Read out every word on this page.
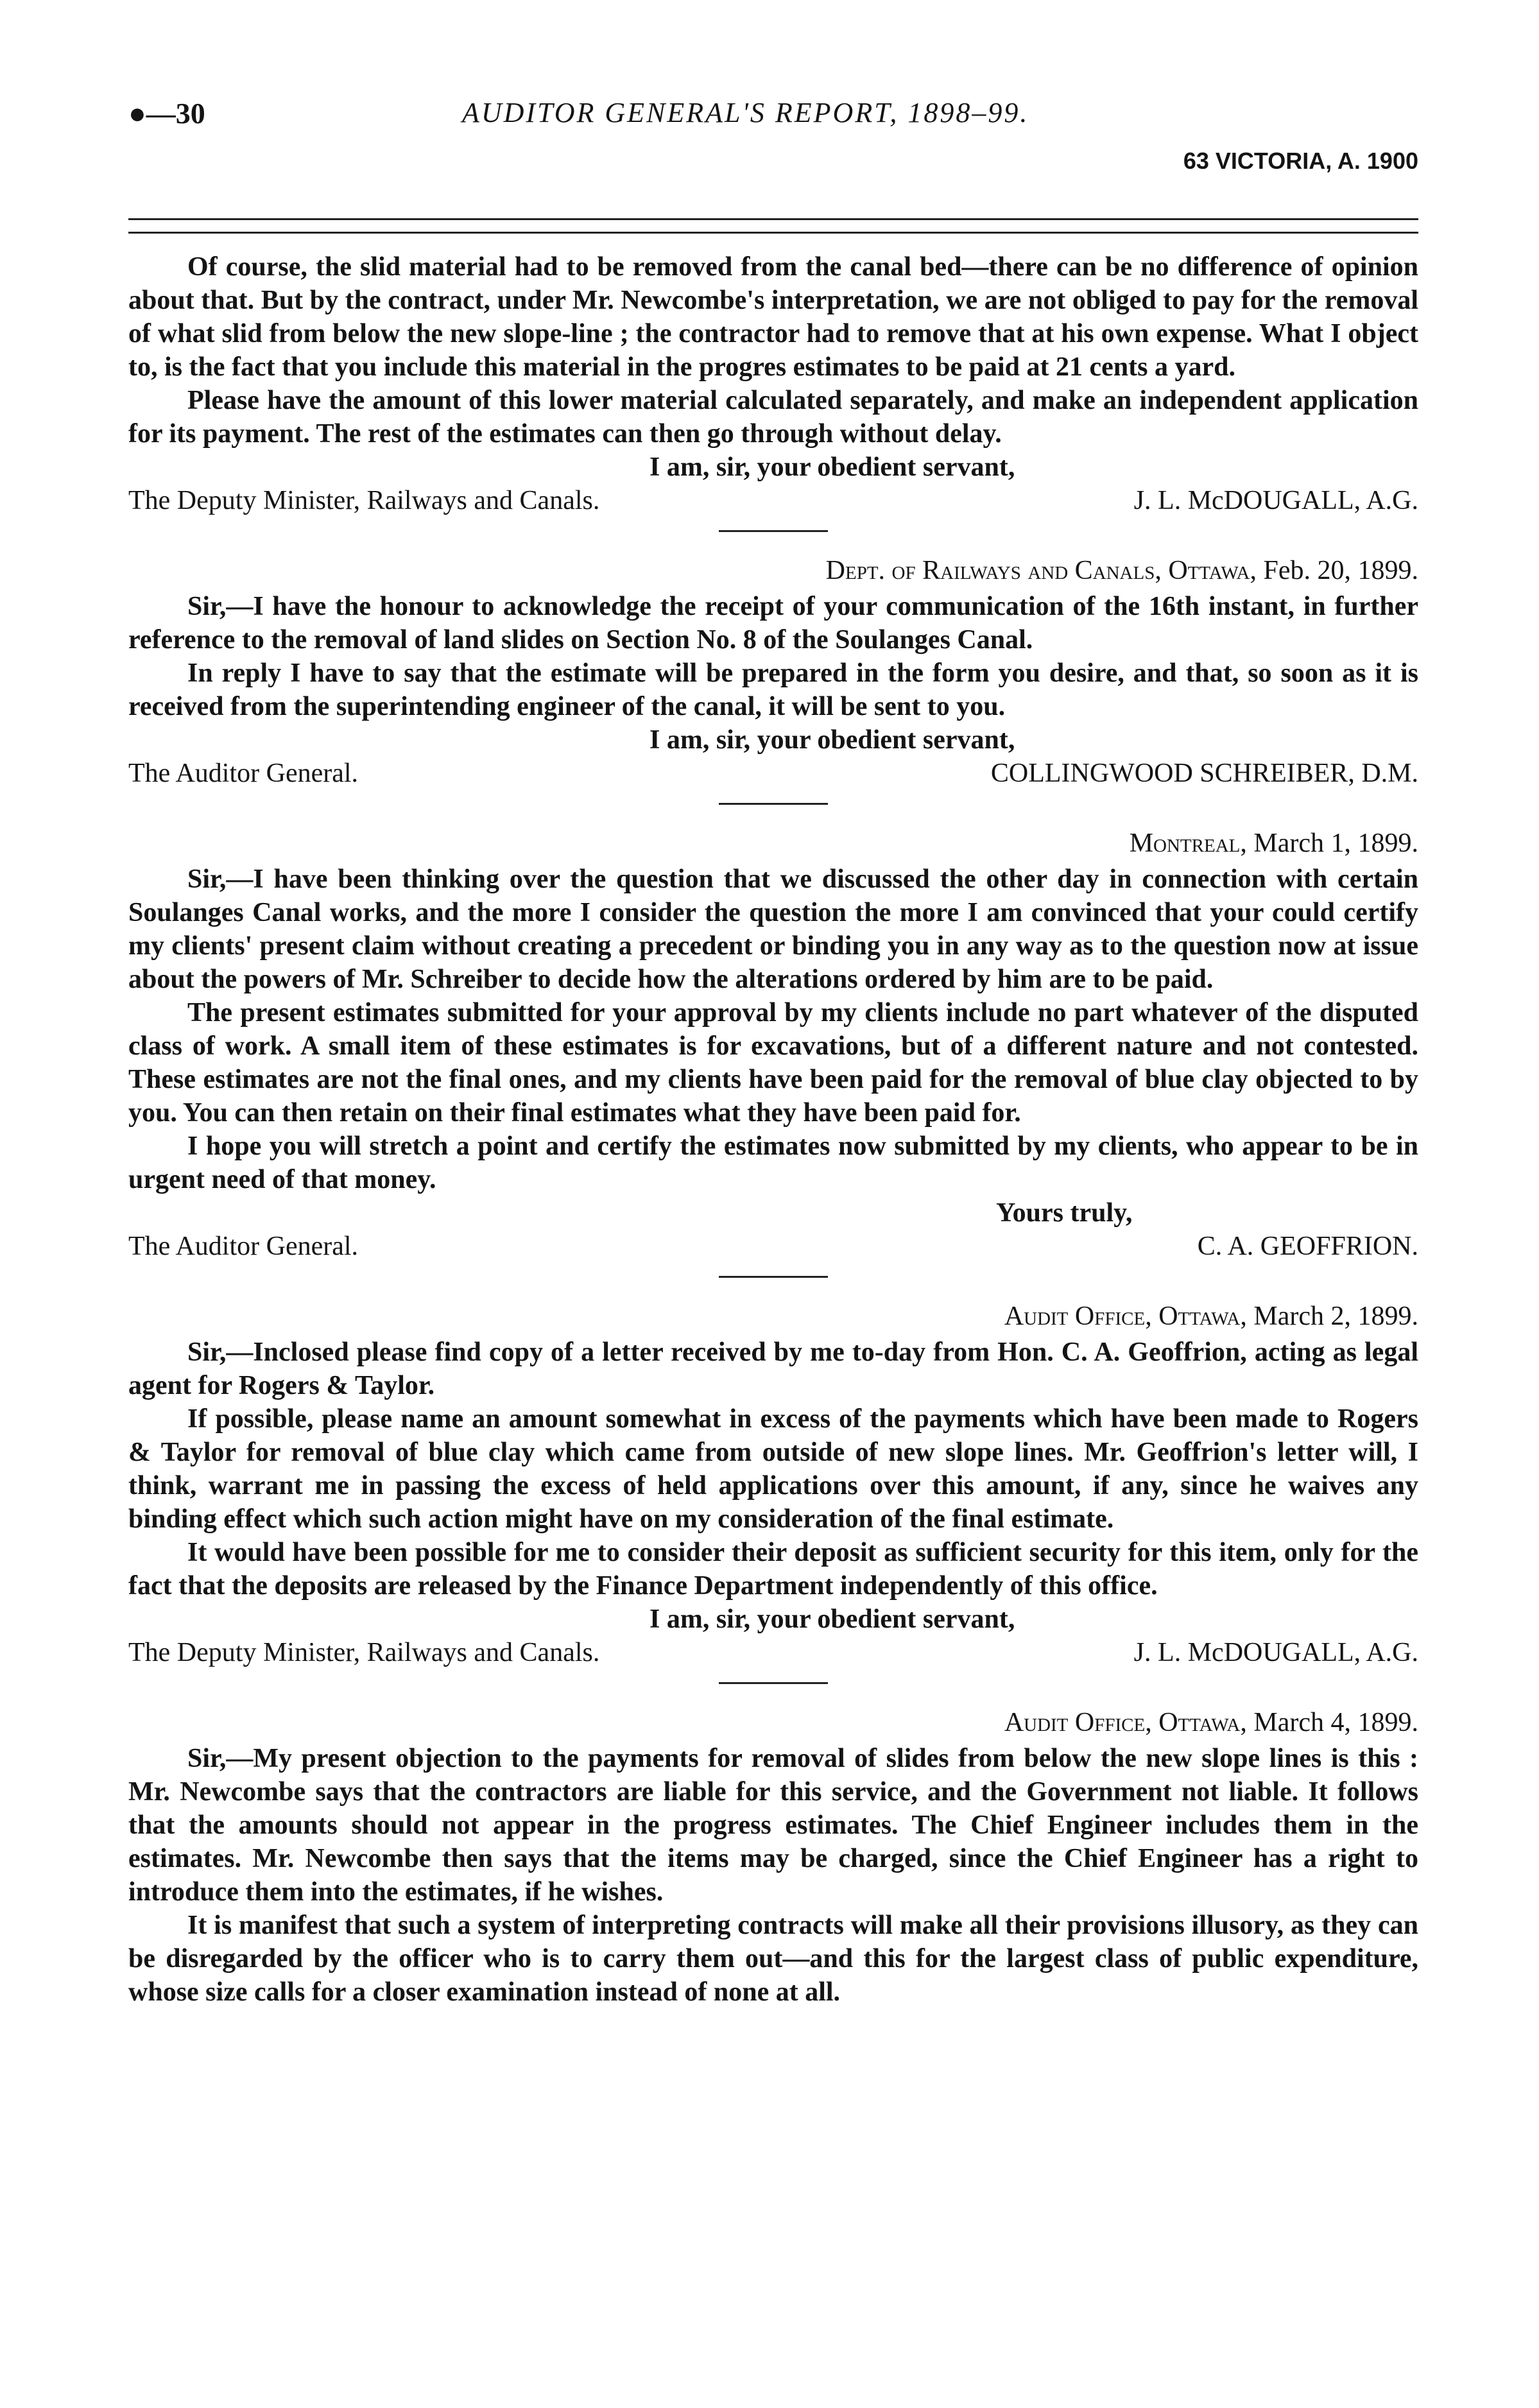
●—30	AUDITOR GENERAL'S REPORT, 1898–99.
63 VICTORIA, A. 1900

Of course, the slid material had to be removed from the canal bed—there can be no difference of opinion about that. But by the contract, under Mr. Newcombe's interpretation, we are not obliged to pay for the removal of what slid from below the new slope-line ; the contractor had to remove that at his own expense. What I object to, is the fact that you include this material in the progres estimates to be paid at 21 cents a yard.

Please have the amount of this lower material calculated separately, and make an independent application for its payment. The rest of the estimates can then go through without delay.

I am, sir, your obedient servant,

The Deputy Minister, Railways and Canals.	J. L. McDOUGALL, A.G.
Dept. of Railways and Canals, Ottawa, Feb. 20, 1899.

Sir,—I have the honour to acknowledge the receipt of your communication of the 16th instant, in further reference to the removal of land slides on Section No. 8 of the Soulanges Canal.

In reply I have to say that the estimate will be prepared in the form you desire, and that, so soon as it is received from the superintending engineer of the canal, it will be sent to you.

I am, sir, your obedient servant,

The Auditor General.	COLLINGWOOD SCHREIBER, D.M.
Montreal, March 1, 1899.

Sir,—I have been thinking over the question that we discussed the other day in connection with certain Soulanges Canal works, and the more I consider the question the more I am convinced that your could certify my clients' present claim without creating a precedent or binding you in any way as to the question now at issue about the powers of Mr. Schreiber to decide how the alterations ordered by him are to be paid.

The present estimates submitted for your approval by my clients include no part whatever of the disputed class of work. A small item of these estimates is for excavations, but of a different nature and not contested. These estimates are not the final ones, and my clients have been paid for the removal of blue clay objected to by you. You can then retain on their final estimates what they have been paid for.

I hope you will stretch a point and certify the estimates now submitted by my clients, who appear to be in urgent need of that money.

Yours truly,

The Auditor General.	C. A. GEOFFRION.
Audit Office, Ottawa, March 2, 1899.

Sir,—Inclosed please find copy of a letter received by me to-day from Hon. C. A. Geoffrion, acting as legal agent for Rogers & Taylor.

If possible, please name an amount somewhat in excess of the payments which have been made to Rogers & Taylor for removal of blue clay which came from outside of new slope lines. Mr. Geoffrion's letter will, I think, warrant me in passing the excess of held applications over this amount, if any, since he waives any binding effect which such action might have on my consideration of the final estimate.

It would have been possible for me to consider their deposit as sufficient security for this item, only for the fact that the deposits are released by the Finance Department independently of this office.

I am, sir, your obedient servant,

The Deputy Minister, Railways and Canals.	J. L. McDOUGALL, A.G.
Audit Office, Ottawa, March 4, 1899.

Sir,—My present objection to the payments for removal of slides from below the new slope lines is this : Mr. Newcombe says that the contractors are liable for this service, and the Government not liable. It follows that the amounts should not appear in the progress estimates. The Chief Engineer includes them in the estimates. Mr. Newcombe then says that the items may be charged, since the Chief Engineer has a right to introduce them into the estimates, if he wishes.

It is manifest that such a system of interpreting contracts will make all their provisions illusory, as they can be disregarded by the officer who is to carry them out—and this for the largest class of public expenditure, whose size calls for a closer examination instead of none at all.
